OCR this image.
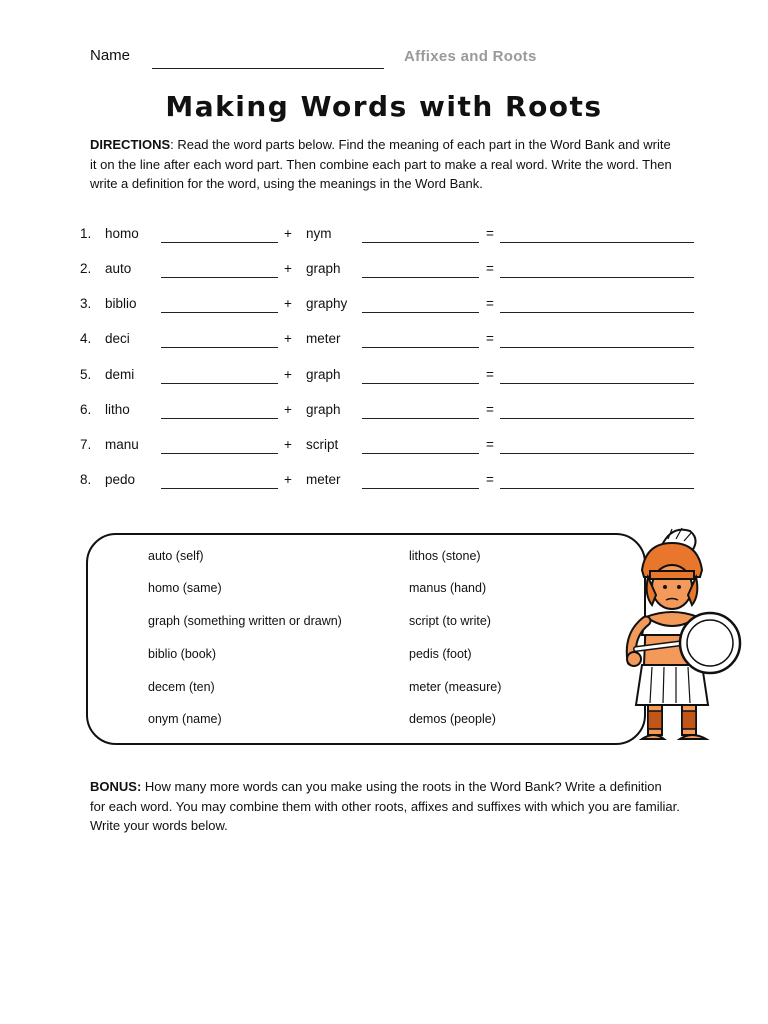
Name	Affixes and Roots
Making Words with Roots
DIRECTIONS: Read the word parts below. Find the meaning of each part in the Word Bank and write it on the line after each word part. Then combine each part to make a real word. Write the word. Then write a definition for the word, using the meanings in the Word Bank.
1. homo	+ nym	=
2. auto	+ graph	=
3. biblio	+ graphy	=
4. deci	+ meter	=
5. demi	+ graph	=
6. litho	+ graph	=
7. manu	+ script	=
8. pedo	+ meter	=
auto (self)
homo (same)
graph (something written or drawn)
biblio (book)
decem (ten)
onym (name)
lithos (stone)
manus (hand)
script (to write)
pedis (foot)
meter (measure)
demos (people)
BONUS: How many more words can you make using the roots in the Word Bank? Write a definition for each word. You may combine them with other roots, affixes and suffixes with which you are familiar. Write your words below.
